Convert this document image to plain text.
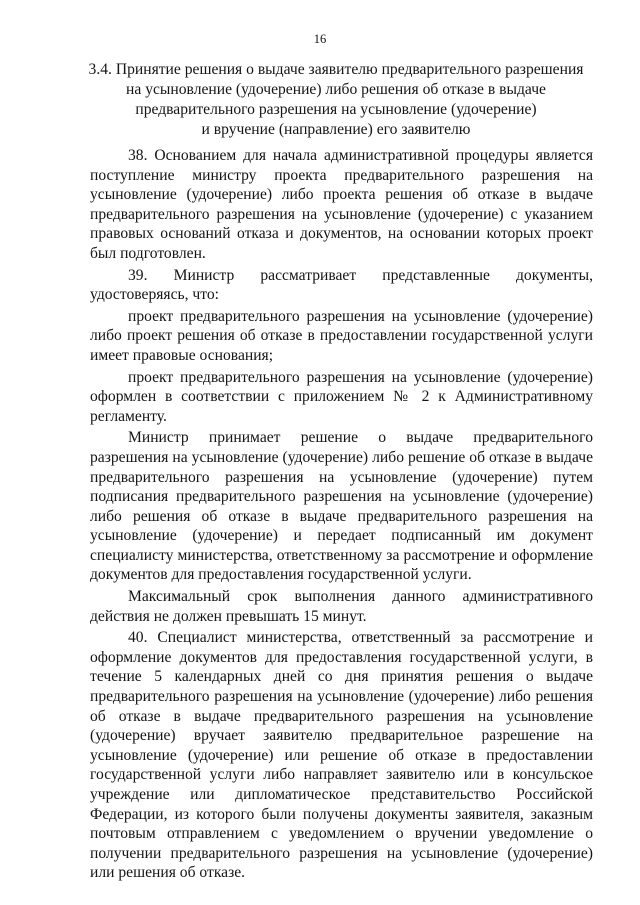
16
3.4. Принятие решения о выдаче заявителю предварительного разрешения
на усыновление (удочерение) либо решения об отказе в выдаче
предварительного разрешения на усыновление (удочерение)
и вручение (направление) его заявителю

38. Основанием для начала административной процедуры является поступление министру проекта предварительного разрешения на усыновление (удочерение) либо проекта решения об отказе в выдаче предварительного разрешения на усыновление (удочерение) с указанием правовых оснований отказа и документов, на основании которых проект был подготовлен.

39. Министр рассматривает представленные документы, удостоверяясь, что:

проект предварительного разрешения на усыновление (удочерение) либо проект решения об отказе в предоставлении государственной услуги имеет правовые основания;

проект предварительного разрешения на усыновление (удочерение) оформлен в соответствии с приложением № 2 к Административному регламенту.

Министр принимает решение о выдаче предварительного разрешения на усыновление (удочерение) либо решение об отказе в выдаче предварительного разрешения на усыновление (удочерение) путем подписания предварительного разрешения на усыновление (удочерение) либо решения об отказе в выдаче предварительного разрешения на усыновление (удочерение) и передает подписанный им документ специалисту министерства, ответственному за рассмотрение и оформление документов для предоставления государственной услуги.

Максимальный срок выполнения данного административного действия не должен превышать 15 минут.

40. Специалист министерства, ответственный за рассмотрение и оформление документов для предоставления государственной услуги, в течение 5 календарных дней со дня принятия решения о выдаче предварительного разрешения на усыновление (удочерение) либо решения об отказе в выдаче предварительного разрешения на усыновление (удочерение) вручает заявителю предварительное разрешение на усыновление (удочерение) или решение об отказе в предоставлении государственной услуги либо направляет заявителю или в консульское учреждение или дипломатическое представительство Российской Федерации, из которого были получены документы заявителя, заказным почтовым отправлением с уведомлением о вручении уведомление о получении предварительного разрешения на усыновление (удочерение) или решения об отказе.
